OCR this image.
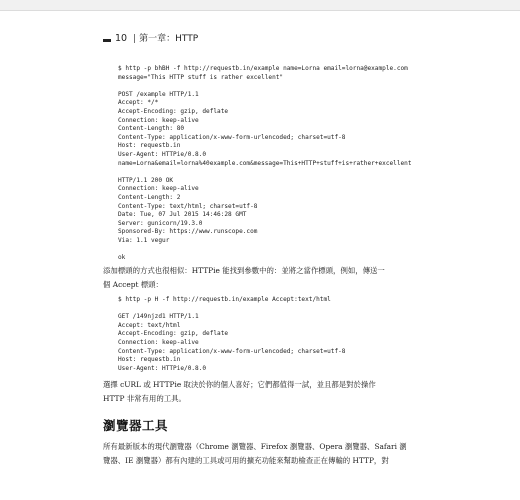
10 | 第一章：HTTP
$ http -p bhBH -f http://requestb.in/example name=Lorna email=lorna@example.com
message="This HTTP stuff is rather excellent"
POST /example HTTP/1.1
Accept: */*
Accept-Encoding: gzip, deflate
Connection: keep-alive
Content-Length: 80
Content-Type: application/x-www-form-urlencoded; charset=utf-8
Host: requestb.in
User-Agent: HTTPie/0.8.0
name=Lorna&email=lorna%40example.com&message=This+HTTP+stuff+is+rather+excellent
HTTP/1.1 200 OK
Connection: keep-alive
Content-Length: 2
Content-Type: text/html; charset=utf-8
Date: Tue, 07 Jul 2015 14:46:28 GMT
Server: gunicorn/19.3.0
Sponsored-By: https://www.runscope.com
Via: 1.1 vegur
ok
添加標頭的方式也很相似：HTTPie 能找到參數中的：並將之當作標頭，例如，傳送一
個 Accept 標頭：
$ http -p H -f http://requestb.in/example Accept:text/html
GET /149njzd1 HTTP/1.1
Accept: text/html
Accept-Encoding: gzip, deflate
Connection: keep-alive
Content-Type: application/x-www-form-urlencoded; charset=utf-8
Host: requestb.in
User-Agent: HTTPie/0.8.0
選擇 cURL 或 HTTPie 取決於你的個人喜好；它們都值得一試，並且都是對於操作
HTTP 非常有用的工具。
瀏覽器工具
所有最新版本的現代瀏覽器（Chrome 瀏覽器、Firefox 瀏覽器、Opera 瀏覽器、Safari 瀏
覽器、IE 瀏覽器）都有內建的工具或可用的擴充功能來幫助檢查正在傳輸的 HTTP，對
